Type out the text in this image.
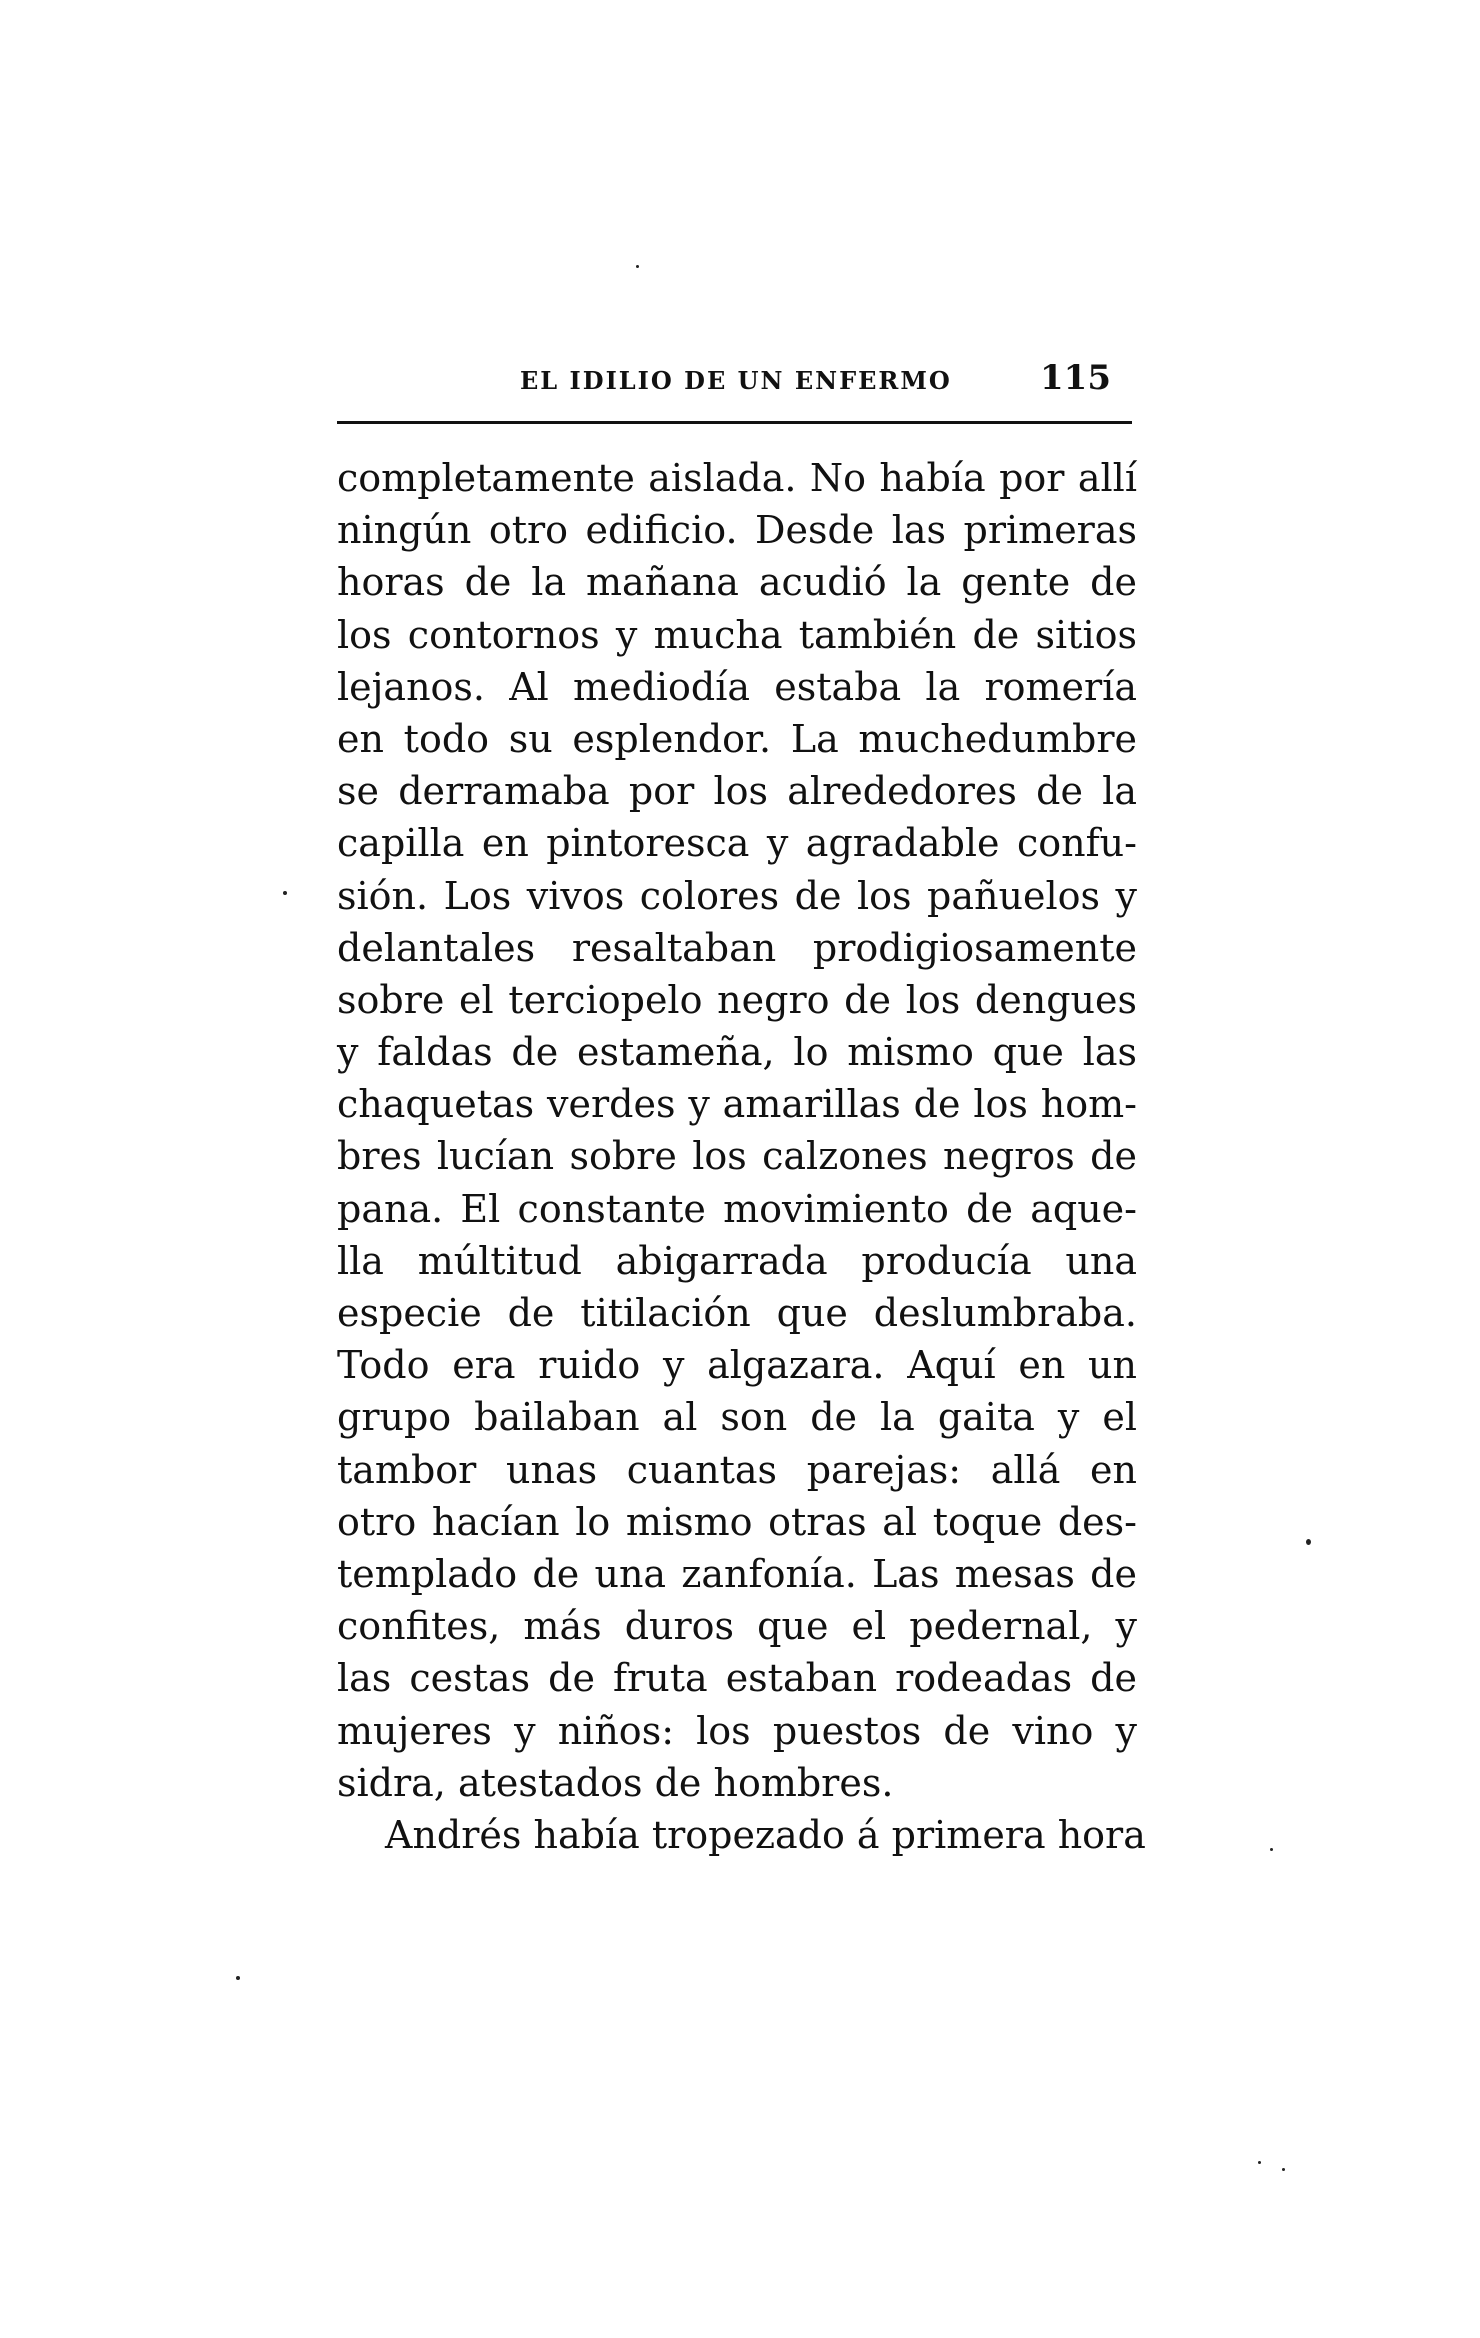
EL IDILIO DE UN ENFERMO	115
completamente aislada. No había por allí
ningún otro edificio. Desde las primeras
horas de la mañana acudió la gente de
los contornos y mucha también de sitios
lejanos. Al mediodía estaba la romería
en todo su esplendor. La muchedumbre
se derramaba por los alrededores de la
capilla en pintoresca y agradable confu-
sión. Los vivos colores de los pañuelos y
delantales resaltaban prodigiosamente
sobre el terciopelo negro de los dengues
y faldas de estameña, lo mismo que las
chaquetas verdes y amarillas de los hom-
bres lucían sobre los calzones negros de
pana. El constante movimiento de aque-
lla múltitud abigarrada producía una
especie de titilación que deslumbraba.
Todo era ruido y algazara. Aquí en un
grupo bailaban al son de la gaita y el
tambor unas cuantas parejas: allá en
otro hacían lo mismo otras al toque des-
templado de una zanfonía. Las mesas de
confites, más duros que el pedernal, y
las cestas de fruta estaban rodeadas de
mujeres y niños: los puestos de vino y
sidra, atestados de hombres.
Andrés había tropezado á primera hora
